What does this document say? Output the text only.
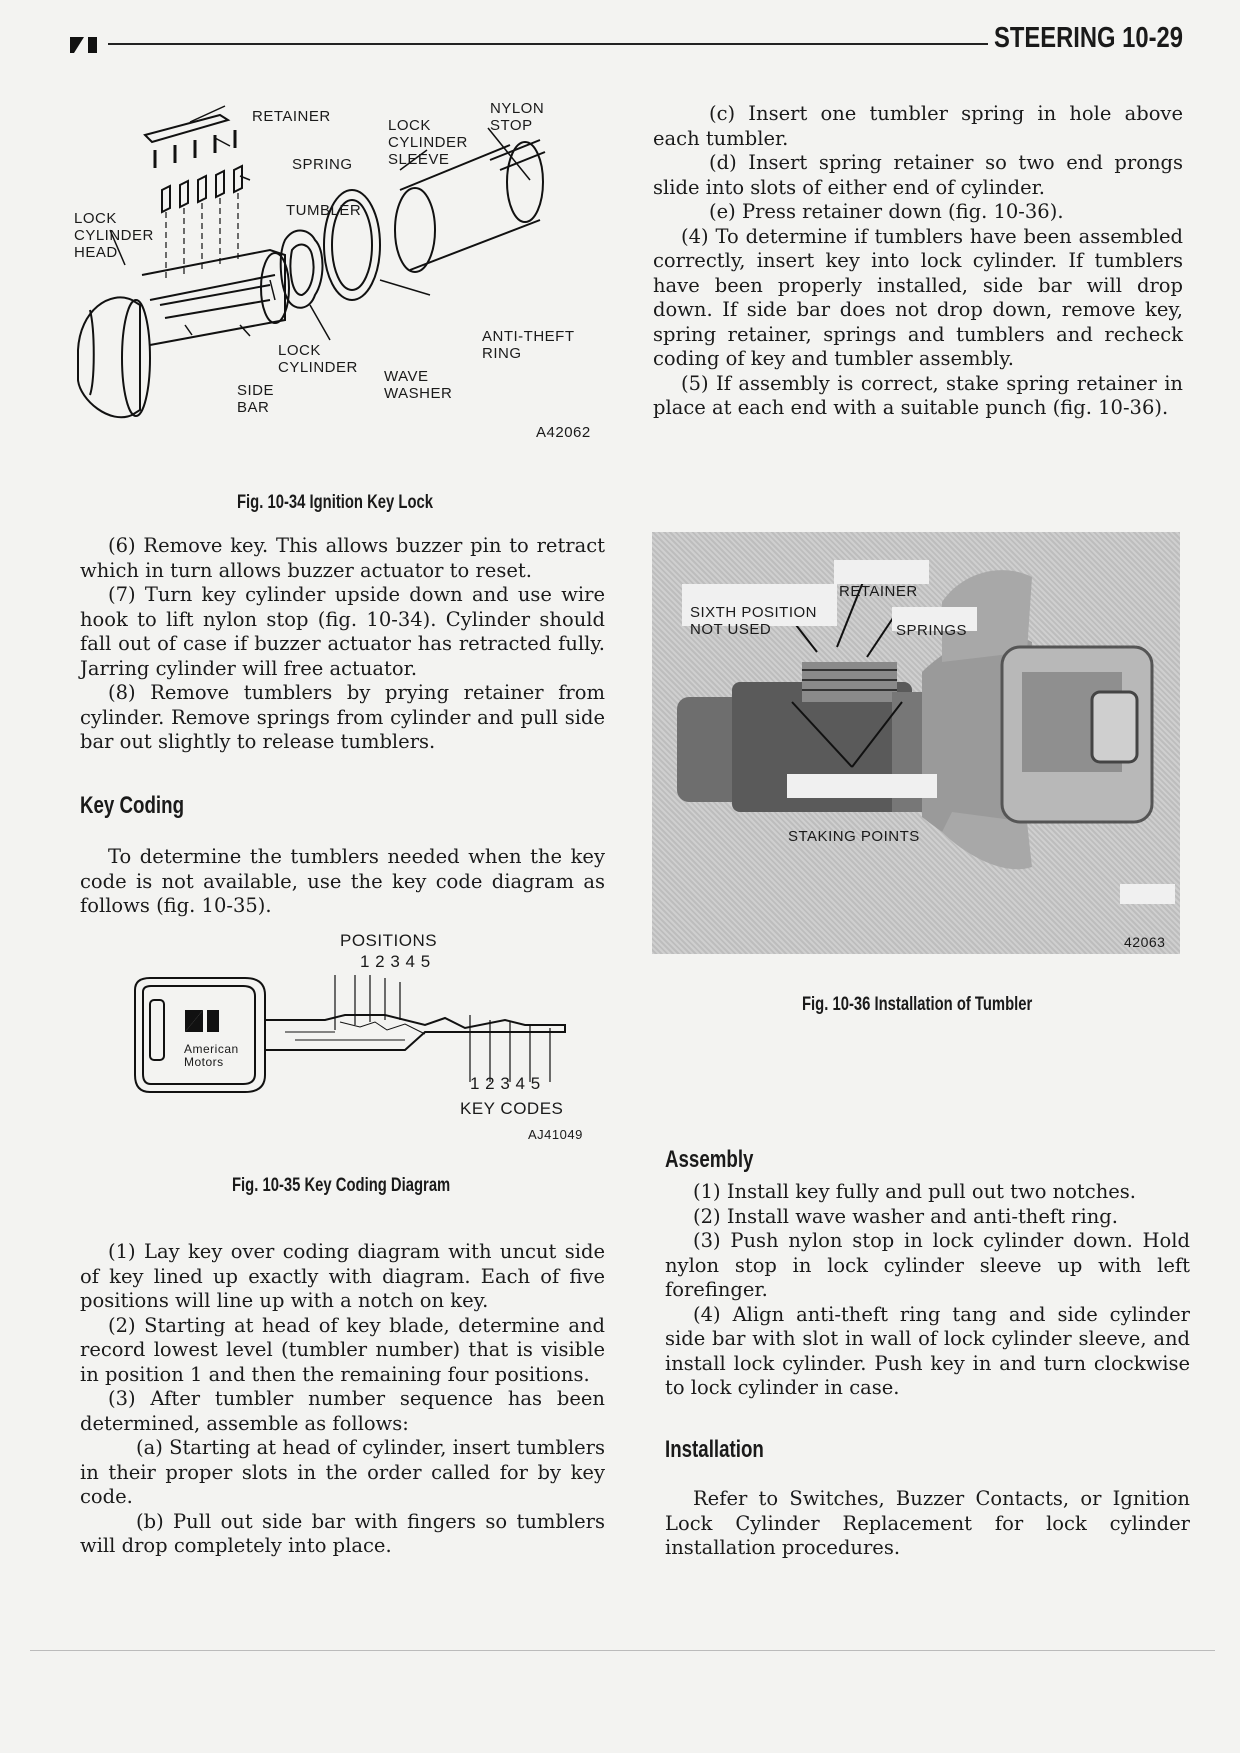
STEERING 10-29
RETAINER
LOCK
CYLINDER
SLEEVE
NYLON
STOP
SPRING
TUMBLER
LOCK
CYLINDER
HEAD
ANTI-THEFT
RING
LOCK
CYLINDER
WAVE
WASHER
SIDE
BAR
A42062
Fig. 10-34 Ignition Key Lock

(6) Remove key. This allows buzzer pin to retract which in turn allows buzzer actuator to reset.

(7) Turn key cylinder upside down and use wire hook to lift nylon stop (fig. 10-34). Cylinder should fall out of case if buzzer actuator has retracted fully. Jarring cylinder will free actuator.

(8) Remove tumblers by prying retainer from cylinder. Remove springs from cylinder and pull side bar out slightly to release tumblers.

Key Coding

To determine the tumblers needed when the key code is not available, use the key code diagram as follows (fig. 10-35).

POSITIONS
1 2 3 4 5
American
Motors
1 2 3 4 5
KEY CODES
AJ41049
Fig. 10-35 Key Coding Diagram

(1) Lay key over coding diagram with uncut side of key lined up exactly with diagram. Each of five positions will line up with a notch on key.

(2) Starting at head of key blade, determine and record lowest level (tumbler number) that is visible in position 1 and then the remaining four positions.

(3) After tumbler number sequence has been determined, assemble as follows:

(a) Starting at head of cylinder, insert tumblers in their proper slots in the order called for by key code.

(b) Pull out side bar with fingers so tumblers will drop completely into place.

(c) Insert one tumbler spring in hole above each tumbler.

(d) Insert spring retainer so two end prongs slide into slots of either end of cylinder.

(e) Press retainer down (fig. 10-36).

(4) To determine if tumblers have been assembled correctly, insert key into lock cylinder. If tumblers have been properly installed, side bar will drop down. If side bar does not drop down, remove key, spring retainer, springs and tumblers and recheck coding of key and tumbler assembly.

(5) If assembly is correct, stake spring retainer in place at each end with a suitable punch (fig. 10-36).

RETAINER
SIXTH POSITION
NOT USED	SPRINGS
STAKING POINTS
42063
Fig. 10-36 Installation of Tumbler
Assembly

(1) Install key fully and pull out two notches.

(2) Install wave washer and anti-theft ring.

(3) Push nylon stop in lock cylinder down. Hold nylon stop in lock cylinder sleeve up with left forefinger.

(4) Align anti-theft ring tang and side cylinder side bar with slot in wall of lock cylinder sleeve, and install lock cylinder. Push key in and turn clockwise to lock cylinder in case.

Installation

Refer to Switches, Buzzer Contacts, or Ignition Lock Cylinder Replacement for lock cylinder installation procedures.
